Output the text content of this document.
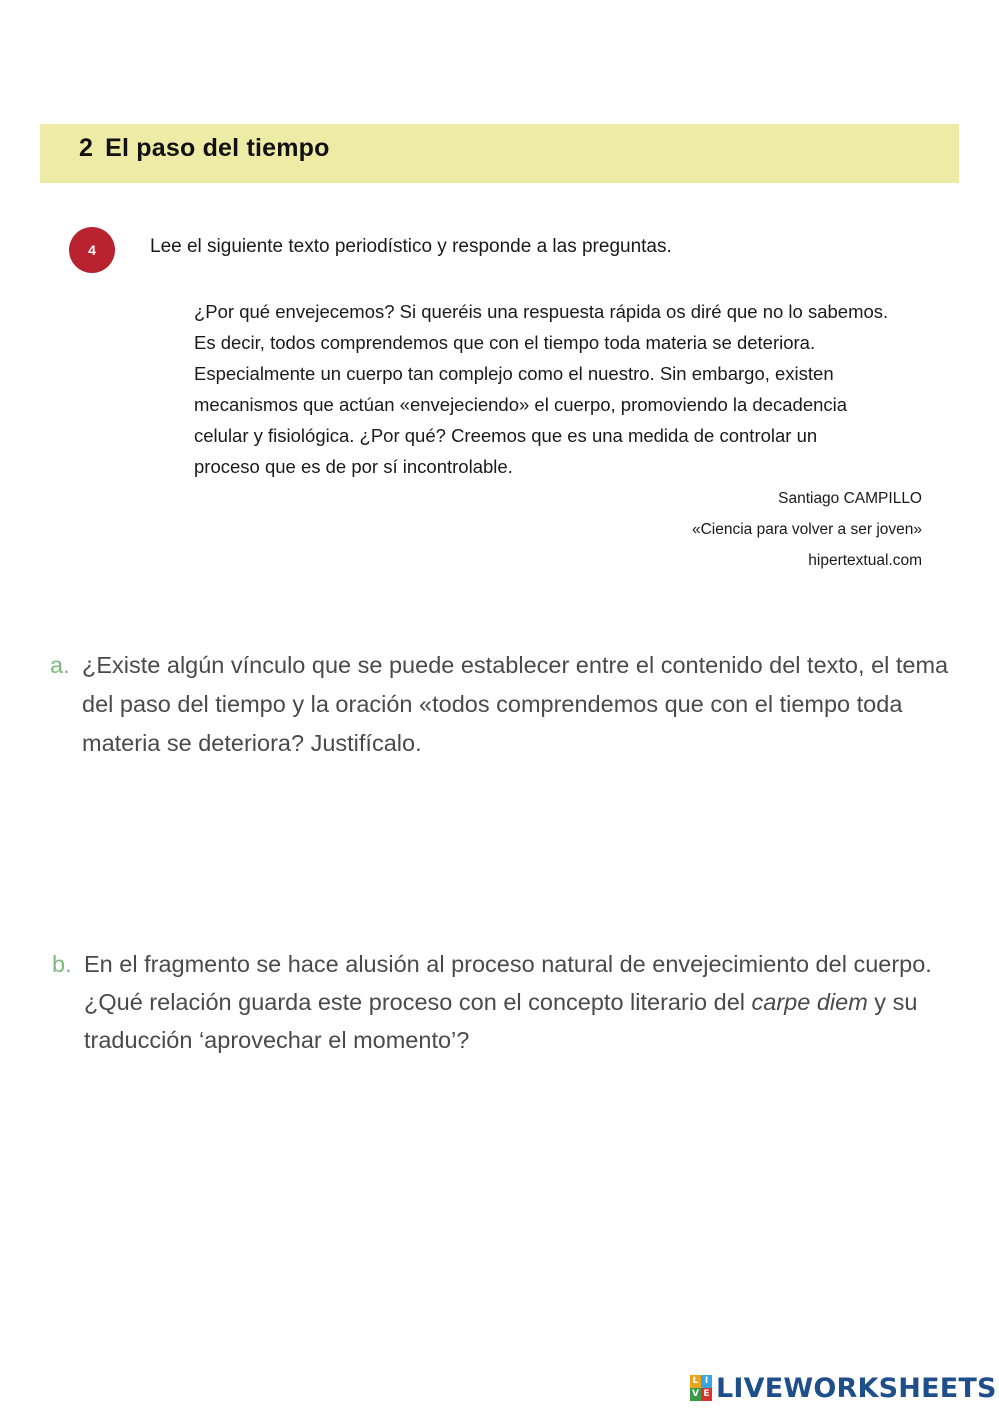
2 El paso del tiempo
4	Lee el siguiente texto periodístico y responde a las preguntas.

¿Por qué envejecemos? Si queréis una respuesta rápida os diré que no lo sabemos.

Es decir, todos comprendemos que con el tiempo toda materia se deteriora.

Especialmente un cuerpo tan complejo como el nuestro. Sin embargo, existen

mecanismos que actúan «envejeciendo» el cuerpo, promoviendo la decadencia

celular y fisiológica. ¿Por qué? Creemos que es una medida de controlar un

proceso que es de por sí incontrolable.

Santiago CAMPILLO
«Ciencia para volver a ser joven»
hipertextual.com
a. ¿Existe algún vínculo que se puede establecer entre el contenido del texto, el tema
del paso del tiempo y la oración «todos comprendemos que con el tiempo toda
materia se deteriora? Justifícalo.
b. En el fragmento se hace alusión al proceso natural de envejecimiento del cuerpo.
¿Qué relación guarda este proceso con el concepto literario del carpe diem y su
traducción ‘aprovechar el momento’?
L I
V E LIVEWORKSHEETS
